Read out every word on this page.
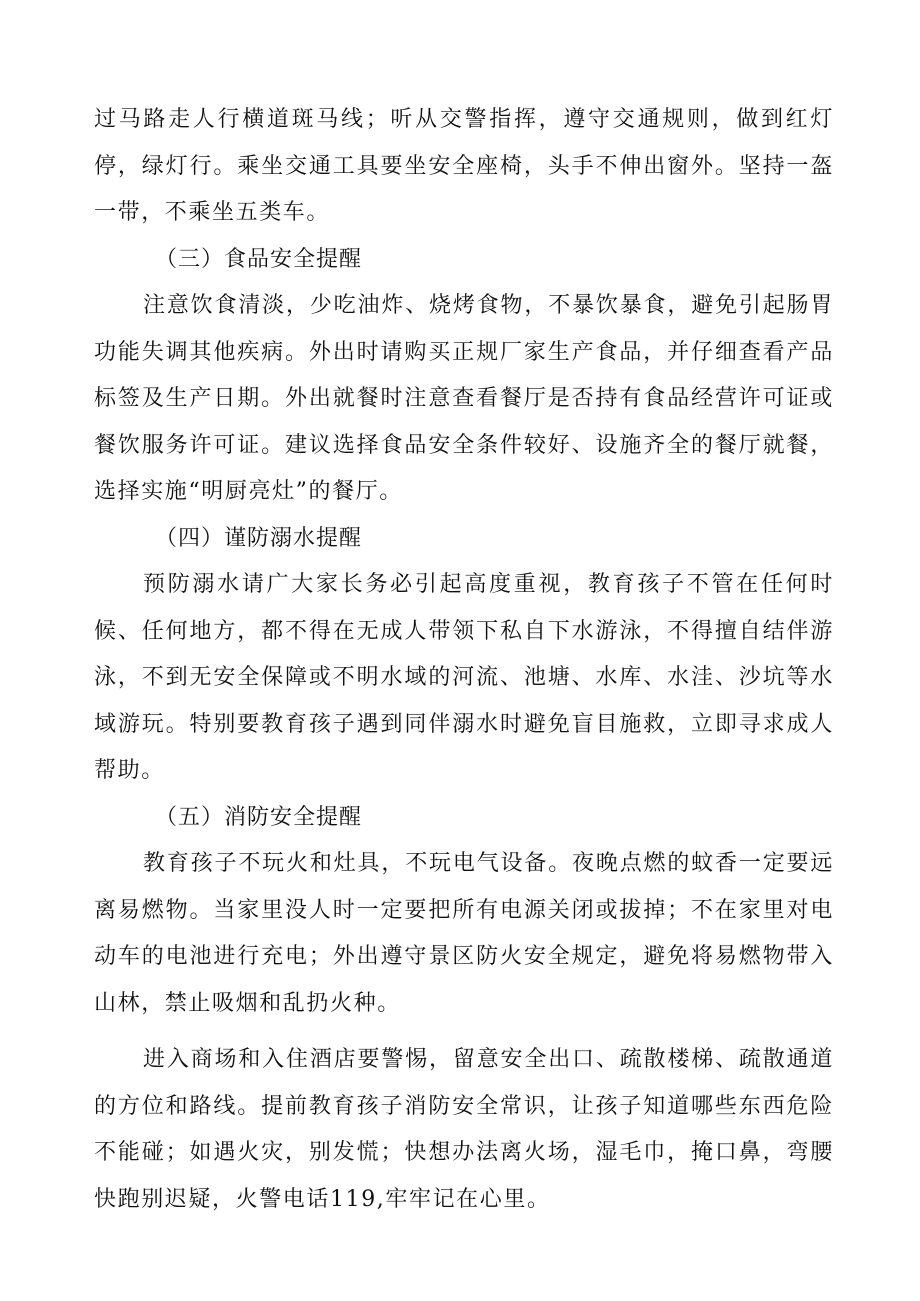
过马路走人行横道斑马线；听从交警指挥，遵守交通规则，做到红灯停，绿灯行。乘坐交通工具要坐安全座椅，头手不伸出窗外。坚持一盔一带，不乘坐五类车。

（三）食品安全提醒

注意饮食清淡，少吃油炸、烧烤食物，不暴饮暴食，避免引起肠胃功能失调其他疾病。外出时请购买正规厂家生产食品，并仔细查看产品标签及生产日期。外出就餐时注意查看餐厅是否持有食品经营许可证或餐饮服务许可证。建议选择食品安全条件较好、设施齐全的餐厅就餐，选择实施“明厨亮灶”的餐厅。

（四）谨防溺水提醒

预防溺水请广大家长务必引起高度重视，教育孩子不管在任何时候、任何地方，都不得在无成人带领下私自下水游泳，不得擅自结伴游泳，不到无安全保障或不明水域的河流、池塘、水库、水洼、沙坑等水域游玩。特别要教育孩子遇到同伴溺水时避免盲目施救，立即寻求成人帮助。

（五）消防安全提醒

教育孩子不玩火和灶具，不玩电气设备。夜晚点燃的蚊香一定要远离易燃物。当家里没人时一定要把所有电源关闭或拔掉；不在家里对电动车的电池进行充电；外出遵守景区防火安全规定，避免将易燃物带入山林，禁止吸烟和乱扔火种。

进入商场和入住酒店要警惕，留意安全出口、疏散楼梯、疏散通道的方位和路线。提前教育孩子消防安全常识，让孩子知道哪些东西危险不能碰；如遇火灾，别发慌；快想办法离火场，湿毛巾，掩口鼻，弯腰快跑别迟疑，火警电话119,牢牢记在心里。
